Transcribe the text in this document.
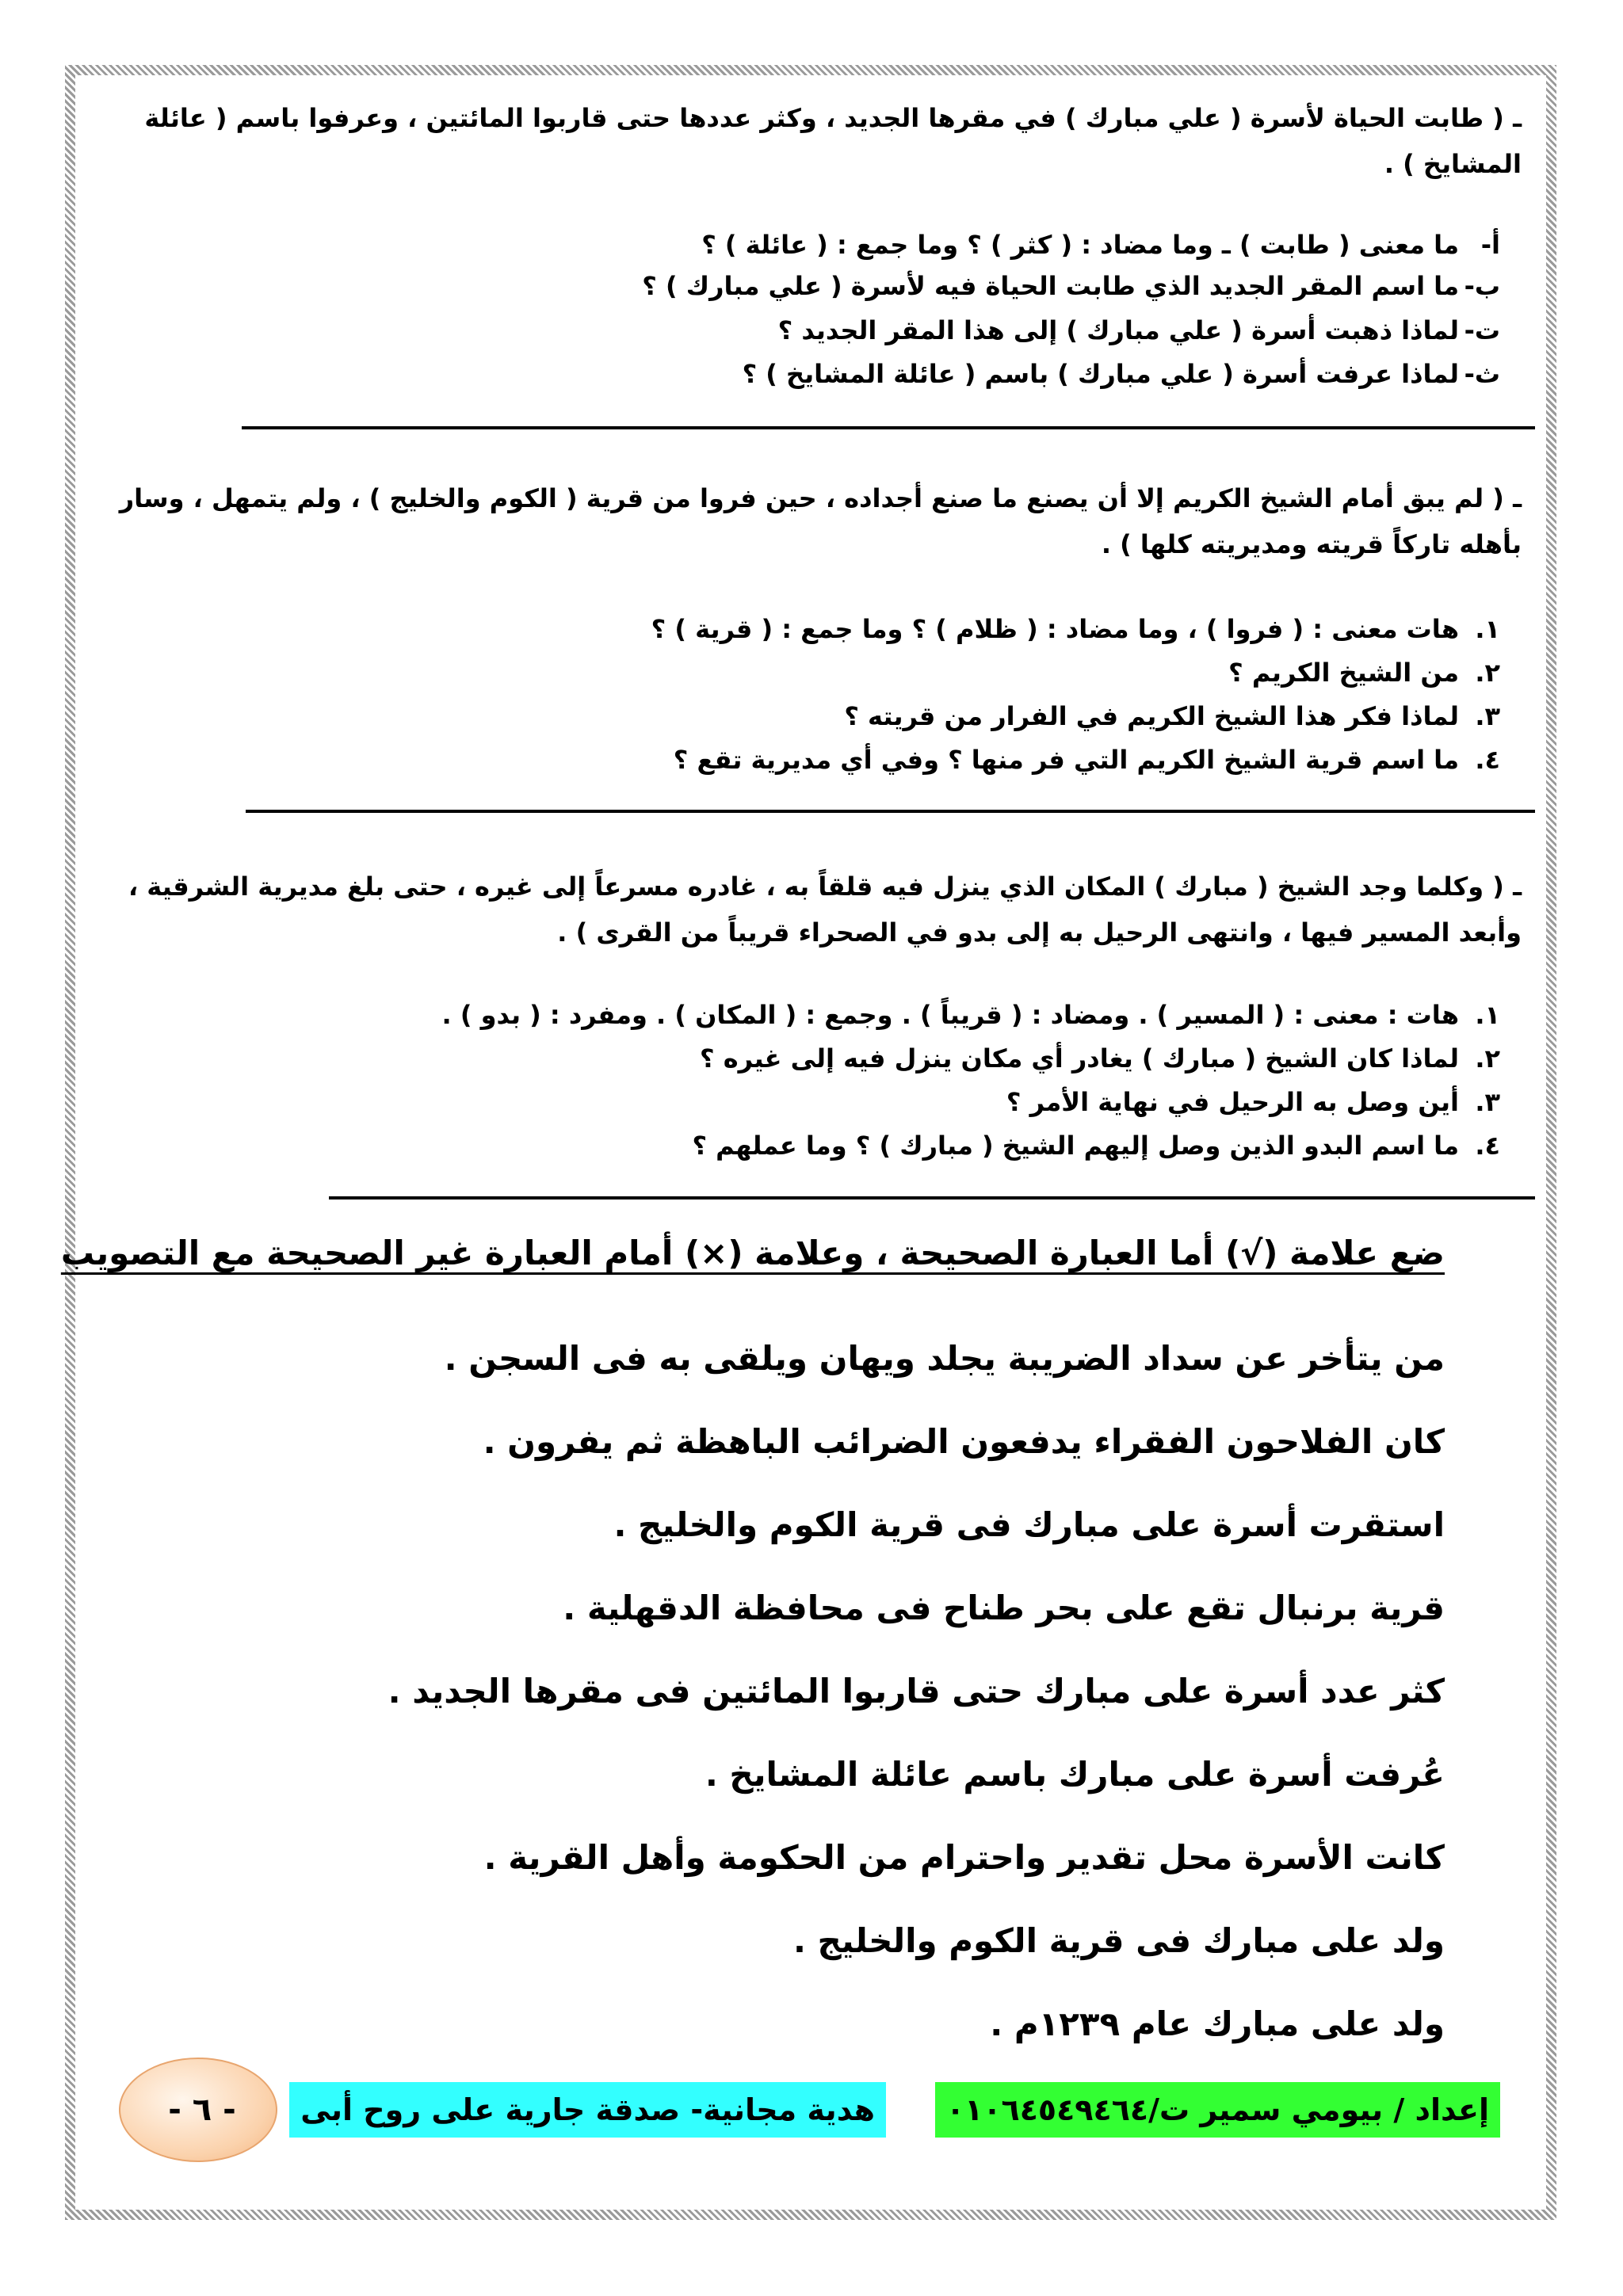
ـ ( طابت الحياة لأسرة ( علي مبارك ) في مقرها الجديد ، وكثر عددها حتى قاربوا المائتين ، وعرفوا باسم ( عائلة المشايخ ) .
أ-ما معنى ( طابت ) ـ وما مضاد : ( كثر ) ؟ وما جمع : ( عائلة ) ؟
ب-ما اسم المقر الجديد الذي طابت الحياة فيه لأسرة ( علي مبارك ) ؟
ت-لماذا ذهبت أسرة ( علي مبارك ) إلى هذا المقر الجديد ؟
ث-لماذا عرفت أسرة ( علي مبارك ) باسم ( عائلة المشايخ ) ؟
ـ ( لم يبق أمام الشيخ الكريم إلا أن يصنع ما صنع أجداده ، حين فروا من قرية ( الكوم والخليج ) ، ولم يتمهل ، وسار بأهله تاركاً قريته ومديريته كلها ) .
١.هات معنى : ( فروا ) ، وما مضاد : ( ظلام ) ؟ وما جمع : ( قرية ) ؟
٢.من الشيخ الكريم ؟
٣.لماذا فكر هذا الشيخ الكريم في الفرار من قريته ؟
٤.ما اسم قرية الشيخ الكريم التي فر منها ؟ وفي أي مديرية تقع ؟
ـ ( وكلما وجد الشيخ ( مبارك ) المكان الذي ينزل فيه قلقاً به ، غادره مسرعاً إلى غيره ، حتى بلغ مديرية الشرقية ، وأبعد المسير فيها ، وانتهى الرحيل به إلى بدو في الصحراء قريباً من القرى ) .
١.هات : معنى : ( المسير ) . ومضاد : ( قريباً ) . وجمع : ( المكان ) . ومفرد : ( بدو ) .
٢.لماذا كان الشيخ ( مبارك ) يغادر أي مكان ينزل فيه إلى غيره ؟
٣.أين وصل به الرحيل في نهاية الأمر ؟
٤.ما اسم البدو الذين وصل إليهم الشيخ ( مبارك ) ؟ وما عملهم ؟
ضع علامة (√) أما العبارة الصحيحة ، وعلامة (×) أمام العبارة غير الصحيحة مع التصويب
من يتأخر عن سداد الضريبة يجلد ويهان ويلقى به فى السجن .
كان الفلاحون الفقراء يدفعون الضرائب الباهظة ثم يفرون .
استقرت أسرة على مبارك فى قرية الكوم والخليج .
قرية برنبال تقع على بحر طناح فى محافظة الدقهلية .
كثر عدد أسرة على مبارك حتى قاربوا المائتين فى مقرها الجديد .
عُرفت أسرة على مبارك باسم عائلة المشايخ .
كانت الأسرة محل تقدير واحترام من الحكومة وأهل القرية .
ولد على مبارك فى قرية الكوم والخليج .
ولد على مبارك عام ١٢٣٩م .
إعداد / بيومي سمير ت/٠١٠٦٤٥٤٩٤٦٤
هدية مجانية- صدقة جارية على روح أبى
- ٦ -
